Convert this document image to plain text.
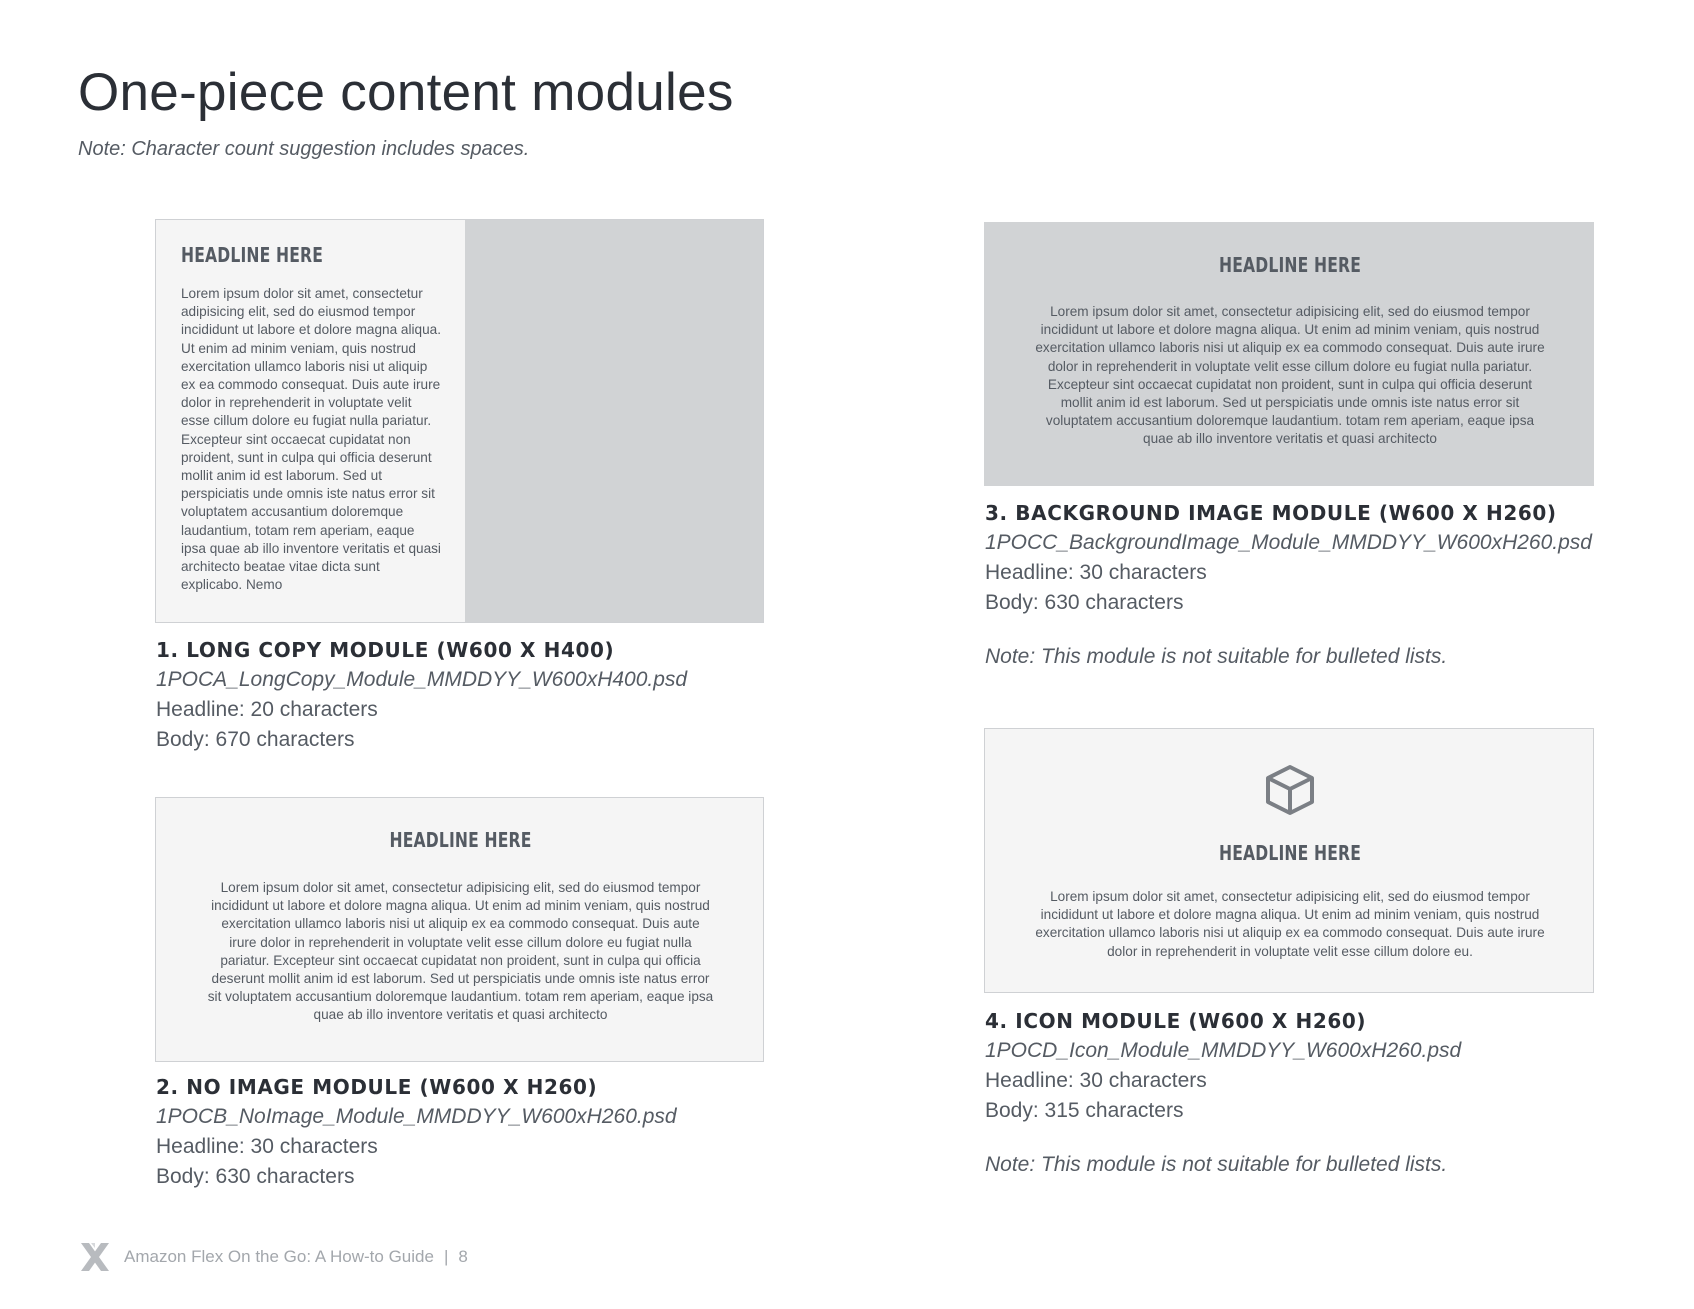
One-piece content modules
Note: Character count suggestion includes spaces.
HEADLINE HERE
Lorem ipsum dolor sit amet, consectetur adipisicing elit, sed do eiusmod tempor incididunt ut labore et dolore magna aliqua. Ut enim ad minim veniam, quis nostrud exercitation ullamco laboris nisi ut aliquip ex ea commodo consequat. Duis aute irure dolor in reprehenderit in voluptate velit esse cillum dolore eu fugiat nulla pariatur. Excepteur sint occaecat cupidatat non proident, sunt in culpa qui officia deserunt mollit anim id est laborum. Sed ut perspiciatis unde omnis iste natus error sit voluptatem accusantium doloremque laudantium, totam rem aperiam, eaque ipsa quae ab illo inventore veritatis et quasi architecto beatae vitae dicta sunt explicabo. Nemo
1. LONG COPY MODULE (W600 X H400)
1POCA_LongCopy_Module_MMDDYY_W600xH400.psd
Headline: 20 characters
Body: 670 characters
HEADLINE HERE
Lorem ipsum dolor sit amet, consectetur adipisicing elit, sed do eiusmod tempor incididunt ut labore et dolore magna aliqua. Ut enim ad minim veniam, quis nostrud exercitation ullamco laboris nisi ut aliquip ex ea commodo consequat. Duis aute irure dolor in reprehenderit in voluptate velit esse cillum dolore eu fugiat nulla pariatur. Excepteur sint occaecat cupidatat non proident, sunt in culpa qui officia deserunt mollit anim id est laborum. Sed ut perspiciatis unde omnis iste natus error sit voluptatem accusantium doloremque laudantium. totam rem aperiam, eaque ipsa quae ab illo inventore veritatis et quasi architecto
2. NO IMAGE MODULE (W600 X H260)
1POCB_NoImage_Module_MMDDYY_W600xH260.psd
Headline: 30 characters
Body: 630 characters
HEADLINE HERE
Lorem ipsum dolor sit amet, consectetur adipisicing elit, sed do eiusmod tempor incididunt ut labore et dolore magna aliqua. Ut enim ad minim veniam, quis nostrud exercitation ullamco laboris nisi ut aliquip ex ea commodo consequat. Duis aute irure dolor in reprehenderit in voluptate velit esse cillum dolore eu fugiat nulla pariatur. Excepteur sint occaecat cupidatat non proident, sunt in culpa qui officia deserunt mollit anim id est laborum. Sed ut perspiciatis unde omnis iste natus error sit voluptatem accusantium doloremque laudantium. totam rem aperiam, eaque ipsa quae ab illo inventore veritatis et quasi architecto
3. BACKGROUND IMAGE MODULE (W600 X H260)
1POCC_BackgroundImage_Module_MMDDYY_W600xH260.psd
Headline: 30 characters
Body: 630 characters
Note: This module is not suitable for bulleted lists.
HEADLINE HERE
Lorem ipsum dolor sit amet, consectetur adipisicing elit, sed do eiusmod tempor incididunt ut labore et dolore magna aliqua. Ut enim ad minim veniam, quis nostrud exercitation ullamco laboris nisi ut aliquip ex ea commodo consequat. Duis aute irure dolor in reprehenderit in voluptate velit esse cillum dolore eu.
4. ICON MODULE (W600 X H260)
1POCD_Icon_Module_MMDDYY_W600xH260.psd
Headline: 30 characters
Body: 315 characters
Note: This module is not suitable for bulleted lists.
Amazon Flex On the Go: A How-to Guide | 8
